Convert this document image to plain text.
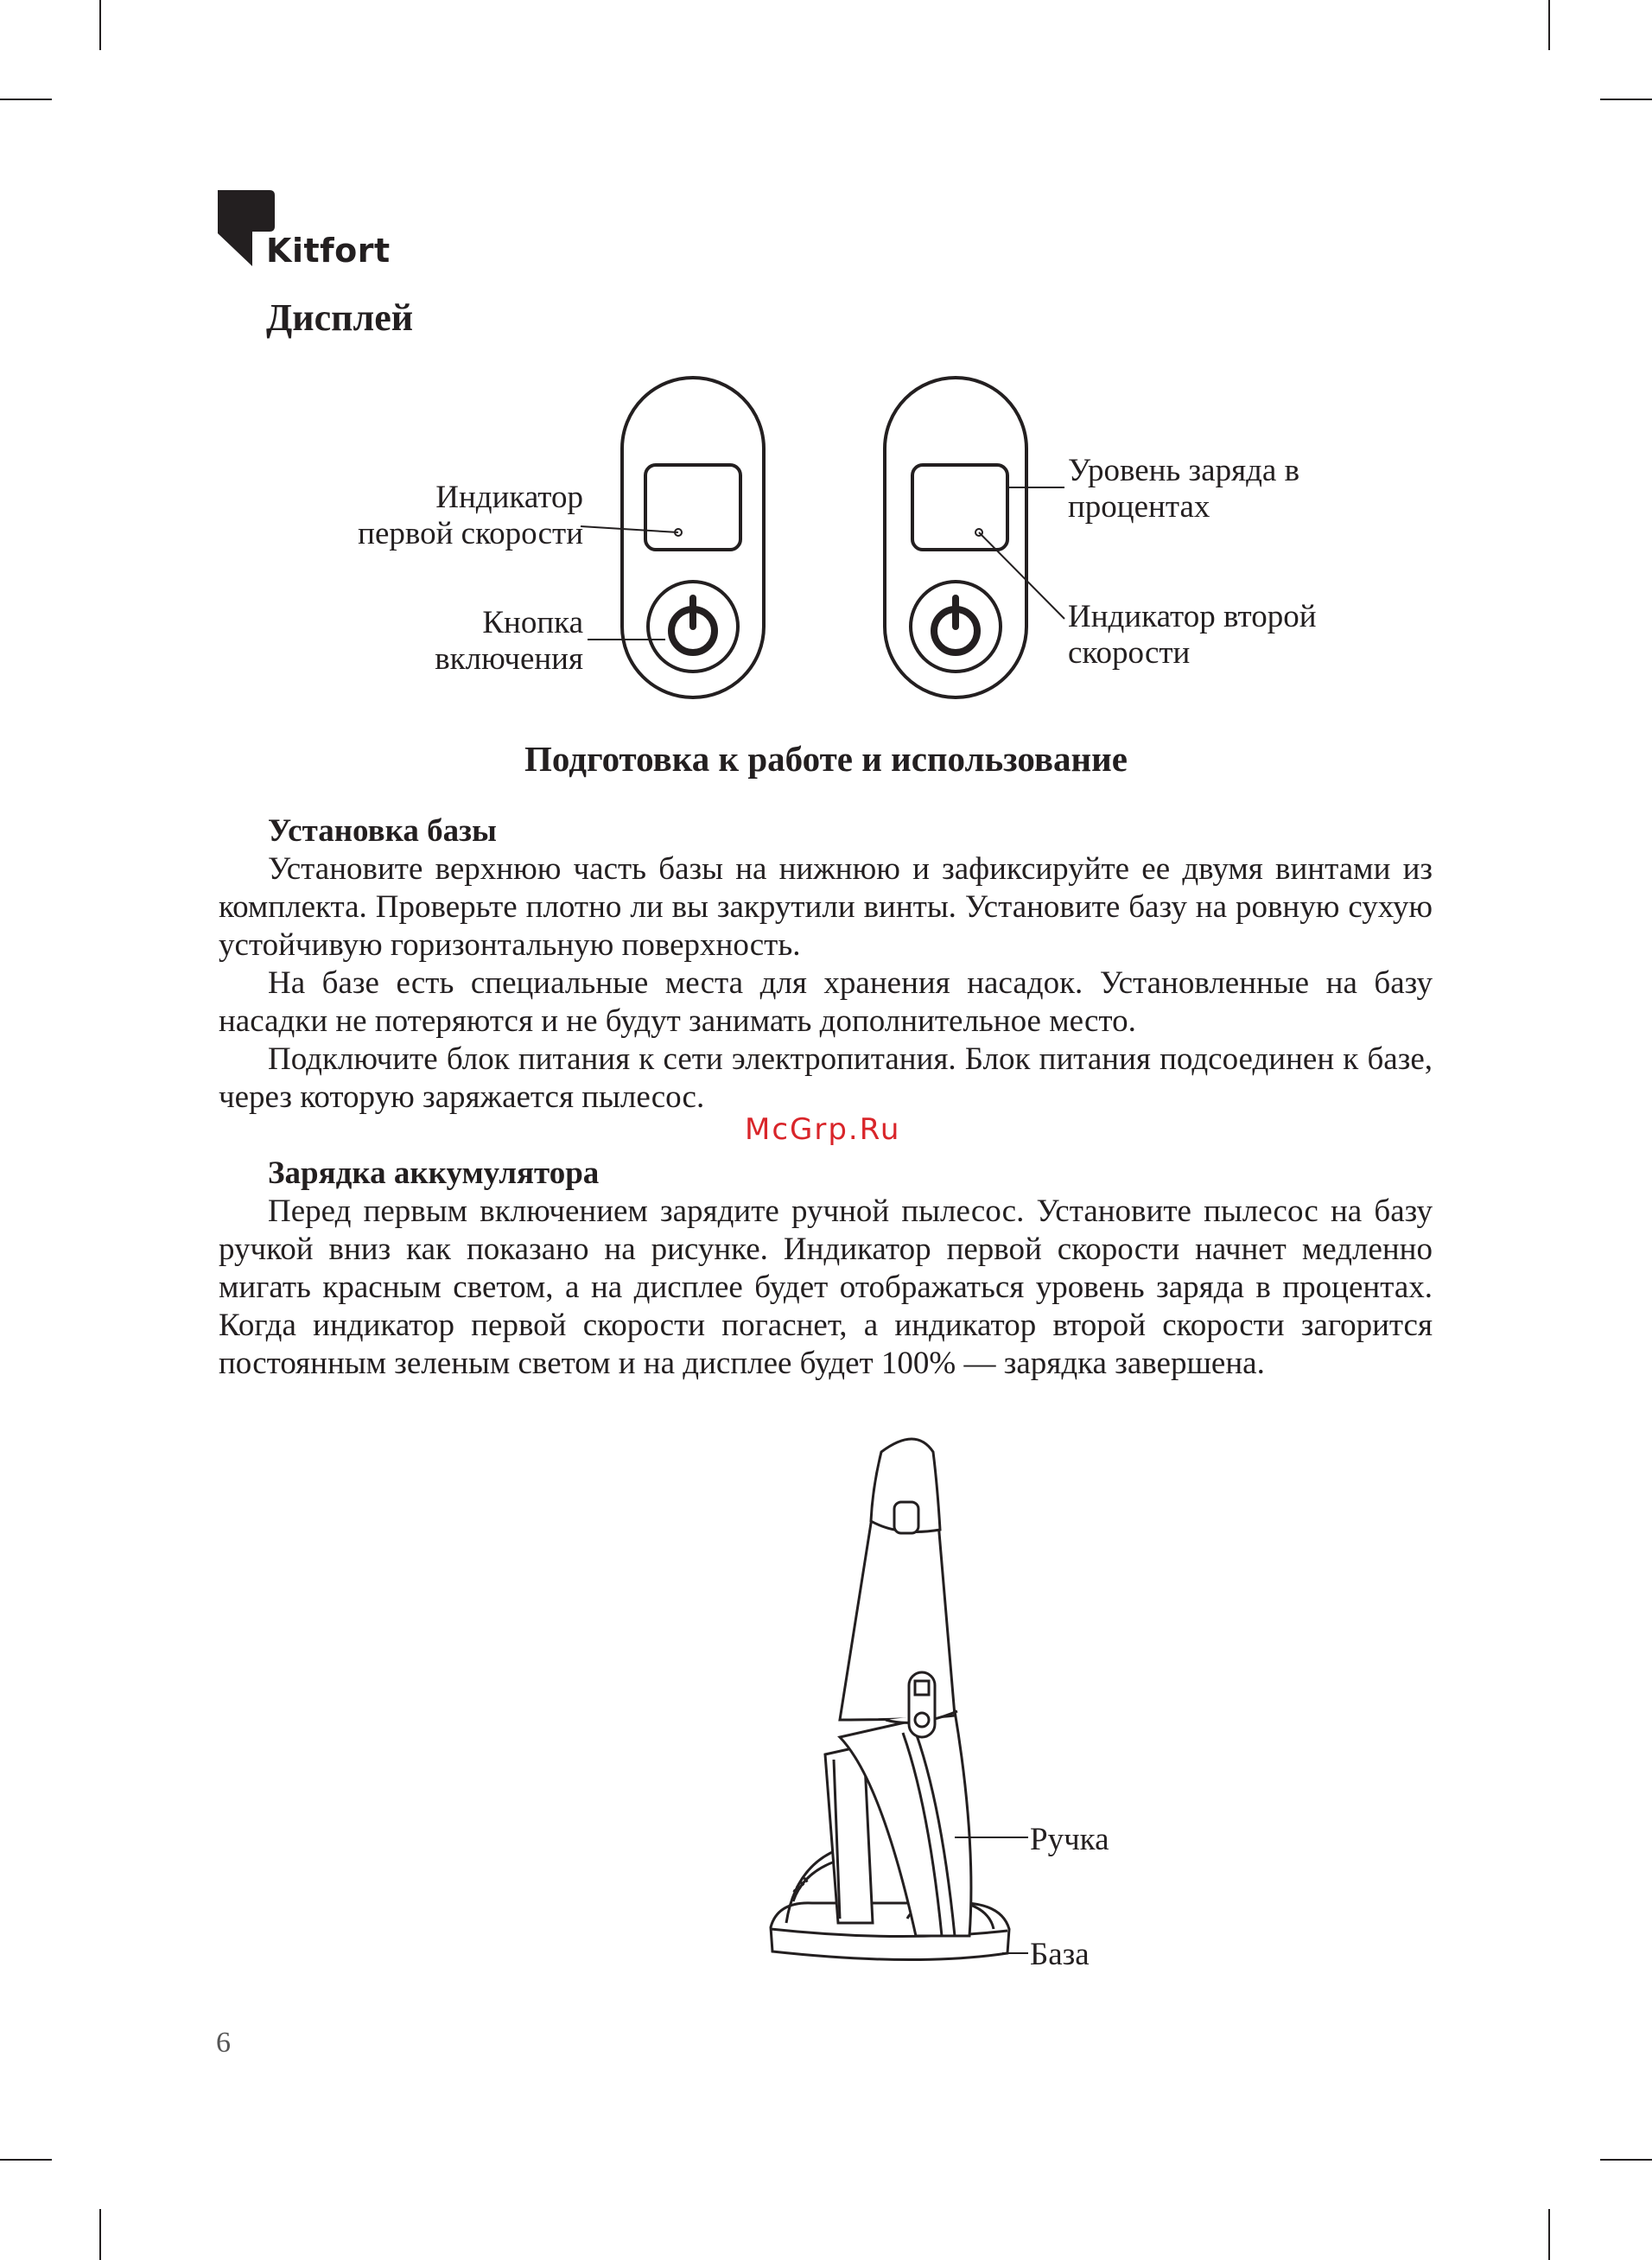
Kitfort
Дисплей
Индикатор
первой скорости
Кнопка
включения
Уровень заряда в
процентах
Индикатор второй
скорости
Подготовка к работе и использование
Установка базы

Установите верхнюю часть базы на нижнюю и зафиксируйте ее двумя винтами из комплекта. Проверьте плотно ли вы закрутили винты. Установите базу на ровную сухую устойчивую горизонтальную поверхность.

На базе есть специальные места для хранения насадок. Установленные на базу насадки не потеряются и не будут занимать дополнительное место.

Подключите блок питания к сети электропитания. Блок питания подсоединен к базе, через которую заряжается пылесос.

Зарядка аккумулятора

Перед первым включением зарядите ручной пылесос. Установите пылесос на базу ручкой вниз как показано на рисунке. Индикатор первой скорости начнет медленно мигать красным светом, а на дисплее будет отображаться уровень заряда в процентах. Когда индикатор первой скорости погаснет, а индикатор второй скорости загорится постоянным зеленым светом и на дисплее будет 100% — зарядка завершена.

McGrp.Ru
Ручка
База
6
